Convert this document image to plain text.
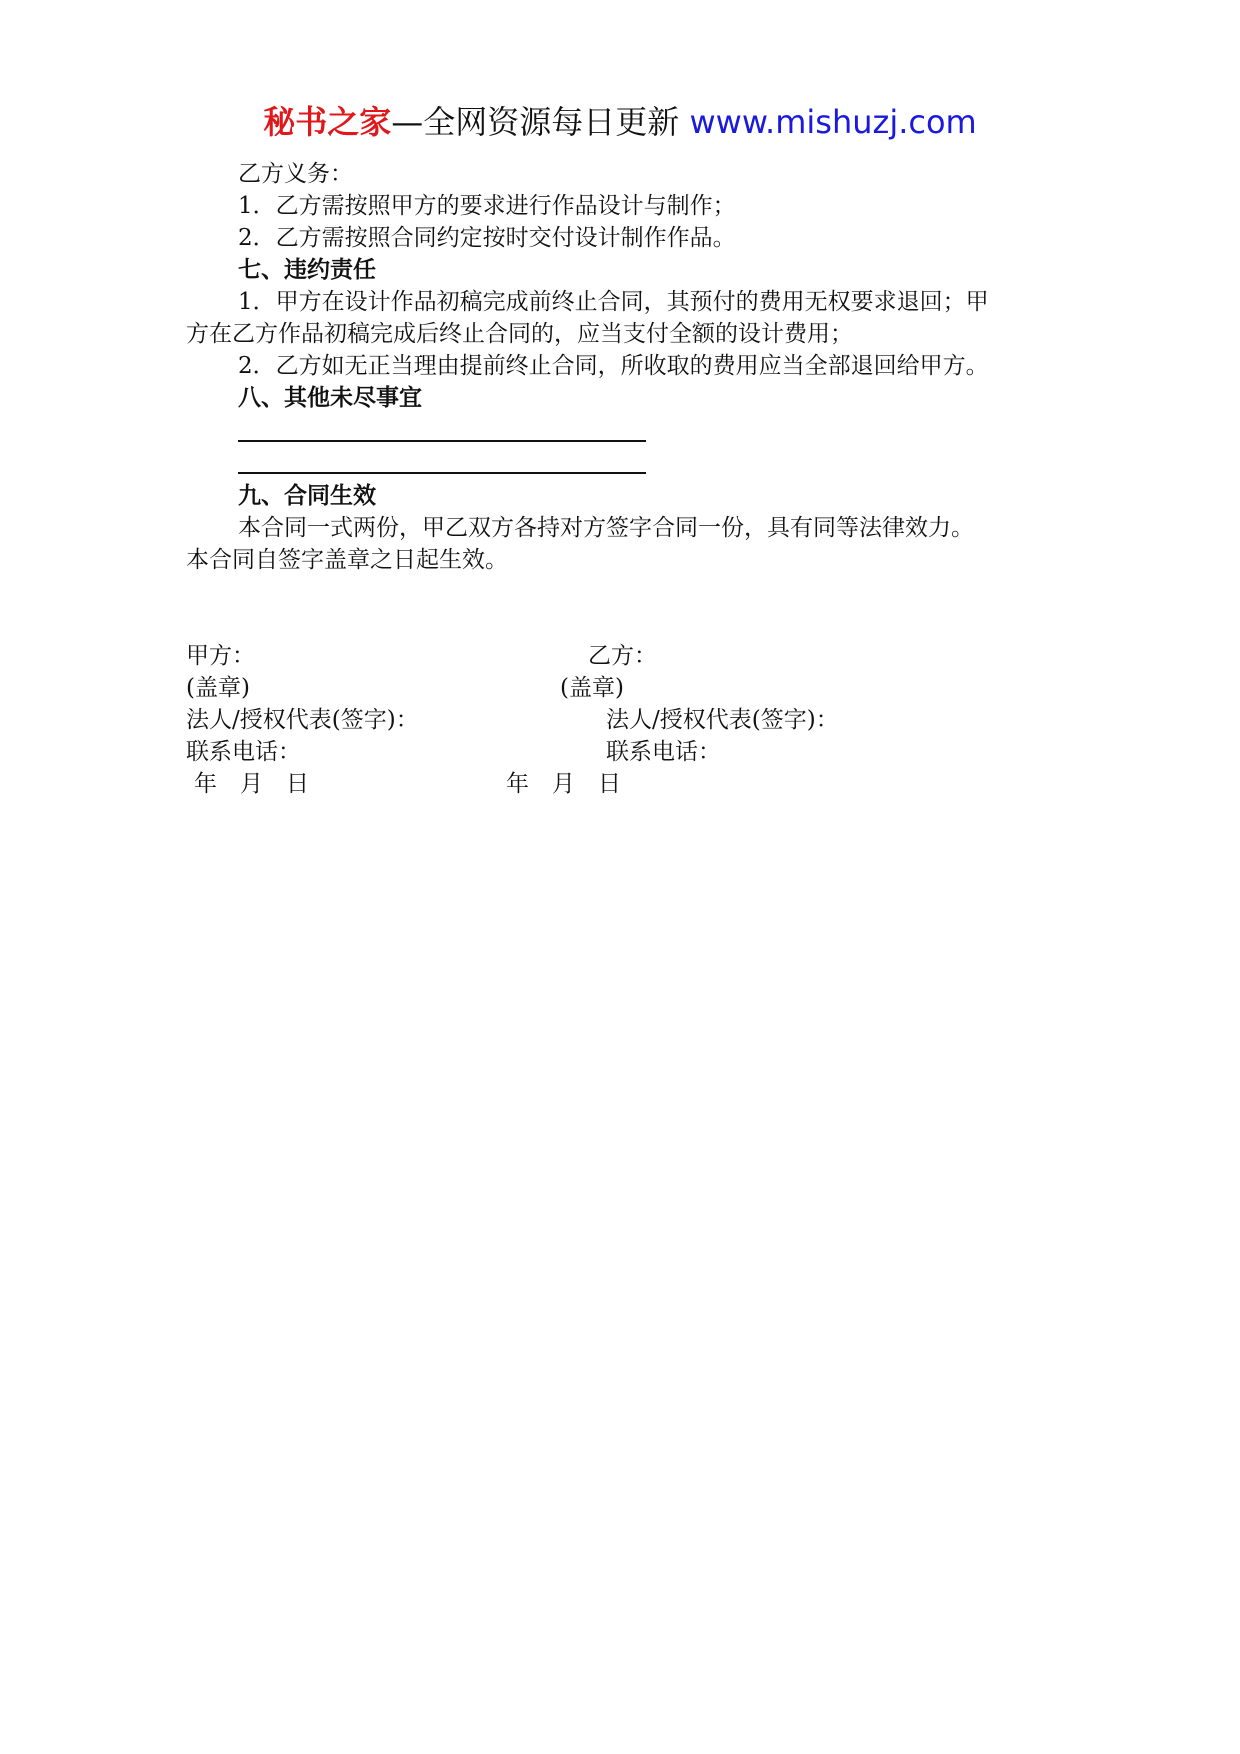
秘书之家—全网资源每日更新 www.mishuzj.com
乙方义务：
1．乙方需按照甲方的要求进行作品设计与制作；
2．乙方需按照合同约定按时交付设计制作作品。
七、违约责任
1．甲方在设计作品初稿完成前终止合同，其预付的费用无权要求退回；甲
方在乙方作品初稿完成后终止合同的，应当支付全额的设计费用；
2．乙方如无正当理由提前终止合同，所收取的费用应当全部退回给甲方。
八、其他未尽事宜
九、合同生效
本合同一式两份，甲乙双方各持对方签字合同一份，具有同等法律效力。
本合同自签字盖章之日起生效。
甲方：
(盖章)
法人/授权代表(签字)：
联系电话：
年　月　日
乙方：
(盖章)
法人/授权代表(签字)：
联系电话：
年　月　日
